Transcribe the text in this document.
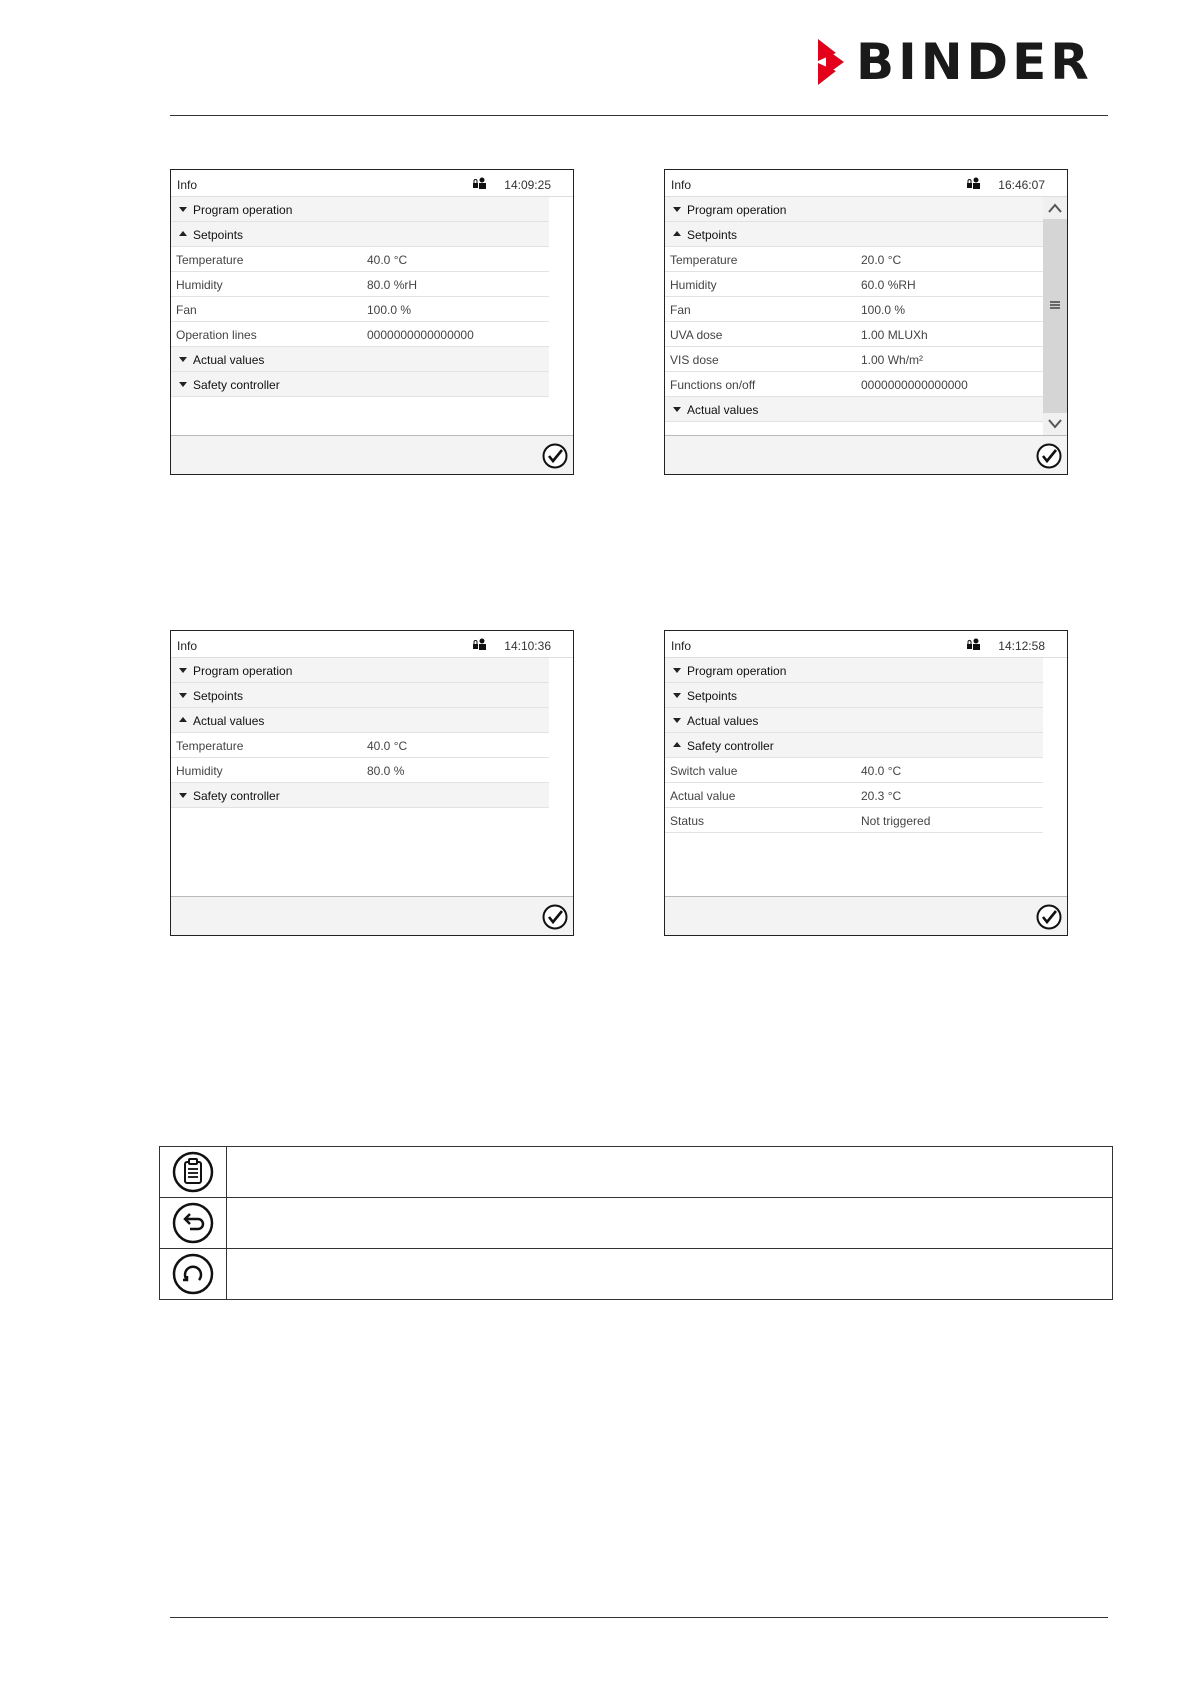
BINDER
Info	14:09:25
Program operation
Setpoints
Temperature	40.0 °C
Humidity	80.0 %rH
Fan	100.0 %
Operation lines	0000000000000000
Actual values
Safety controller
Info	16:46:07
Program operation
Setpoints
Temperature	20.0 °C
Humidity	60.0 %RH
Fan	100.0 %
UVA dose	1.00 MLUXh
VIS dose	1.00 Wh/m²
Functions on/off	0000000000000000
Actual values
Info	14:10:36
Program operation
Setpoints
Actual values
Temperature	40.0 °C
Humidity	80.0 %
Safety controller
Info	14:12:58
Program operation
Setpoints
Actual values
Safety controller
Switch value	40.0 °C
Actual value	20.3 °C
Status	Not triggered
